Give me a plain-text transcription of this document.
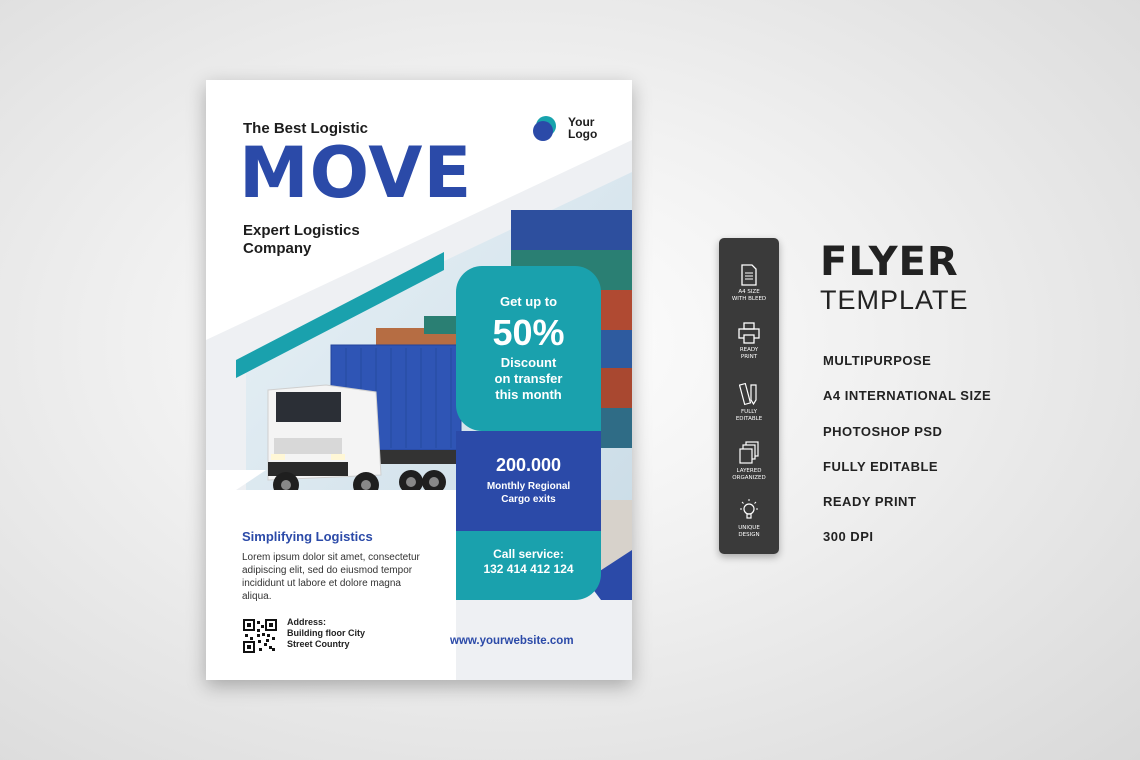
The Best Logistic
MOVE
Expert Logistics
Company
Your
Logo
Get up to
50%
Discount
on transfer
this month
200.000
Monthly Regional
Cargo exits
Call service:
132 414 412 124
Simplifying Logistics
Lorem ipsum dolor sit amet, consectetur adipiscing elit, sed do eiusmod tempor incididunt ut labore et dolore magna aliqua.
Address:
Building floor City
Street Country	www.yourwebsite.com
A4 SIZE
WITH BLEED
READY
PRINT
FULLY
EDITABLE
LAYERED
ORGANIZED
UNIQUE
DESIGN
FLYER
TEMPLATE
MULTIPURPOSE
A4 INTERNATIONAL SIZE
PHOTOSHOP PSD
FULLY EDITABLE
READY PRINT
300 DPI
